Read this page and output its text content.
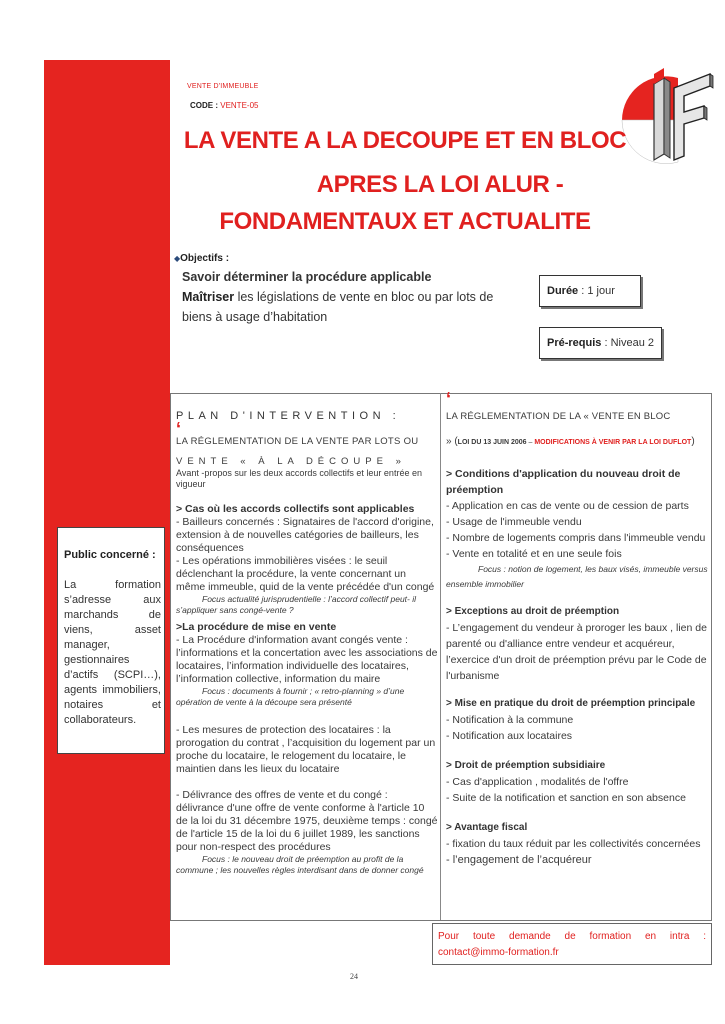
VENTE D'IMMEUBLE
CODE : VENTE-05
LA VENTE A LA DECOUPE ET EN BLOC
APRES LA LOI ALUR -
FONDAMENTAUX ET ACTUALITE
◆Objectifs :
Savoir déterminer la procédure applicable
Maîtriser les législations de vente en bloc ou par lots de
biens à usage d’habitation
Durée : 1 jour
Pré-requis : Niveau 2
Public concerné :
La formation s’adresse aux marchands de viens, asset manager, gestionnaires d’actifs (SCPI…), agents immobiliers, notaires et collaborateurs.
PLAN D'INTERVENTION :
‘
LA RÉGLEMENTATION DE LA VENTE PAR LOTS OU
VENTE « À LA DÉCOUPE »

Avant -propos sur les deux accords collectifs et leur entrée en vigueur

> Cas où les accords collectifs sont applicables

- Bailleurs concernés : Signataires de l'accord d'origine, extension à de nouvelles catégories de bailleurs, les conséquences

- Les opérations immobilières visées : le seuil déclenchant la procédure, la vente concernant un même immeuble, quid de la vente précédée d'un congé

Focus actualité jurisprudentielle : l’accord collectif peut- il s’appliquer sans congé-vente ?

>La procédure de mise en vente

- La Procédure d'information avant congés vente : l’informations et la concertation avec les associations de locataires, l’information individuelle des locataires, l’information collective, information du maire

Focus : documents à fournir ; « retro-planning » d’une opération de vente à la découpe sera présenté

- Les mesures de protection des locataires : la prorogation du contrat , l’acquisition du logement par un proche du locataire, le relogement du locataire, le maintien dans les lieux du locataire

- Délivrance des offres de vente et du congé : délivrance d'une offre de vente conforme à l'article 10 de la loi du 31 décembre 1975, deuxième temps : congé de l'article 15 de la loi du 6 juillet 1989, les sanctions pour non-respect des procédures

Focus : le nouveau droit de préemption au profit de la commune ; les nouvelles règles interdisant dans de donner congé

‘
LA RÉGLEMENTATION DE LA « VENTE EN BLOC
» (LOI DU 13 JUIN 2006 – MODIFICATIONS À VENIR PAR LA LOI DUFLOT)

> Conditions d'application du nouveau droit de préemption

- Application en cas de vente ou de cession de parts

- Usage de l'immeuble vendu

- Nombre de logements compris dans l'immeuble vendu

- Vente en totalité et en une seule fois

Focus : notion de logement, les baux visés, immeuble versus ensemble immobilier

> Exceptions au droit de préemption

- L’engagement du vendeur à proroger les baux , lien de parenté ou d'alliance entre vendeur et acquéreur, l’exercice d'un droit de préemption prévu par le Code de l'urbanisme

> Mise en pratique du droit de préemption principale

- Notification à la commune

- Notification aux locataires

> Droit de préemption subsidiaire

- Cas d'application , modalités de l'offre

- Suite de la notification et sanction en son absence

> Avantage fiscal

- fixation du taux réduit par les collectivités concernées

- l’engagement de l’acquéreur

Pour toute demande de formation en intra :
contact@immo-formation.fr
24
